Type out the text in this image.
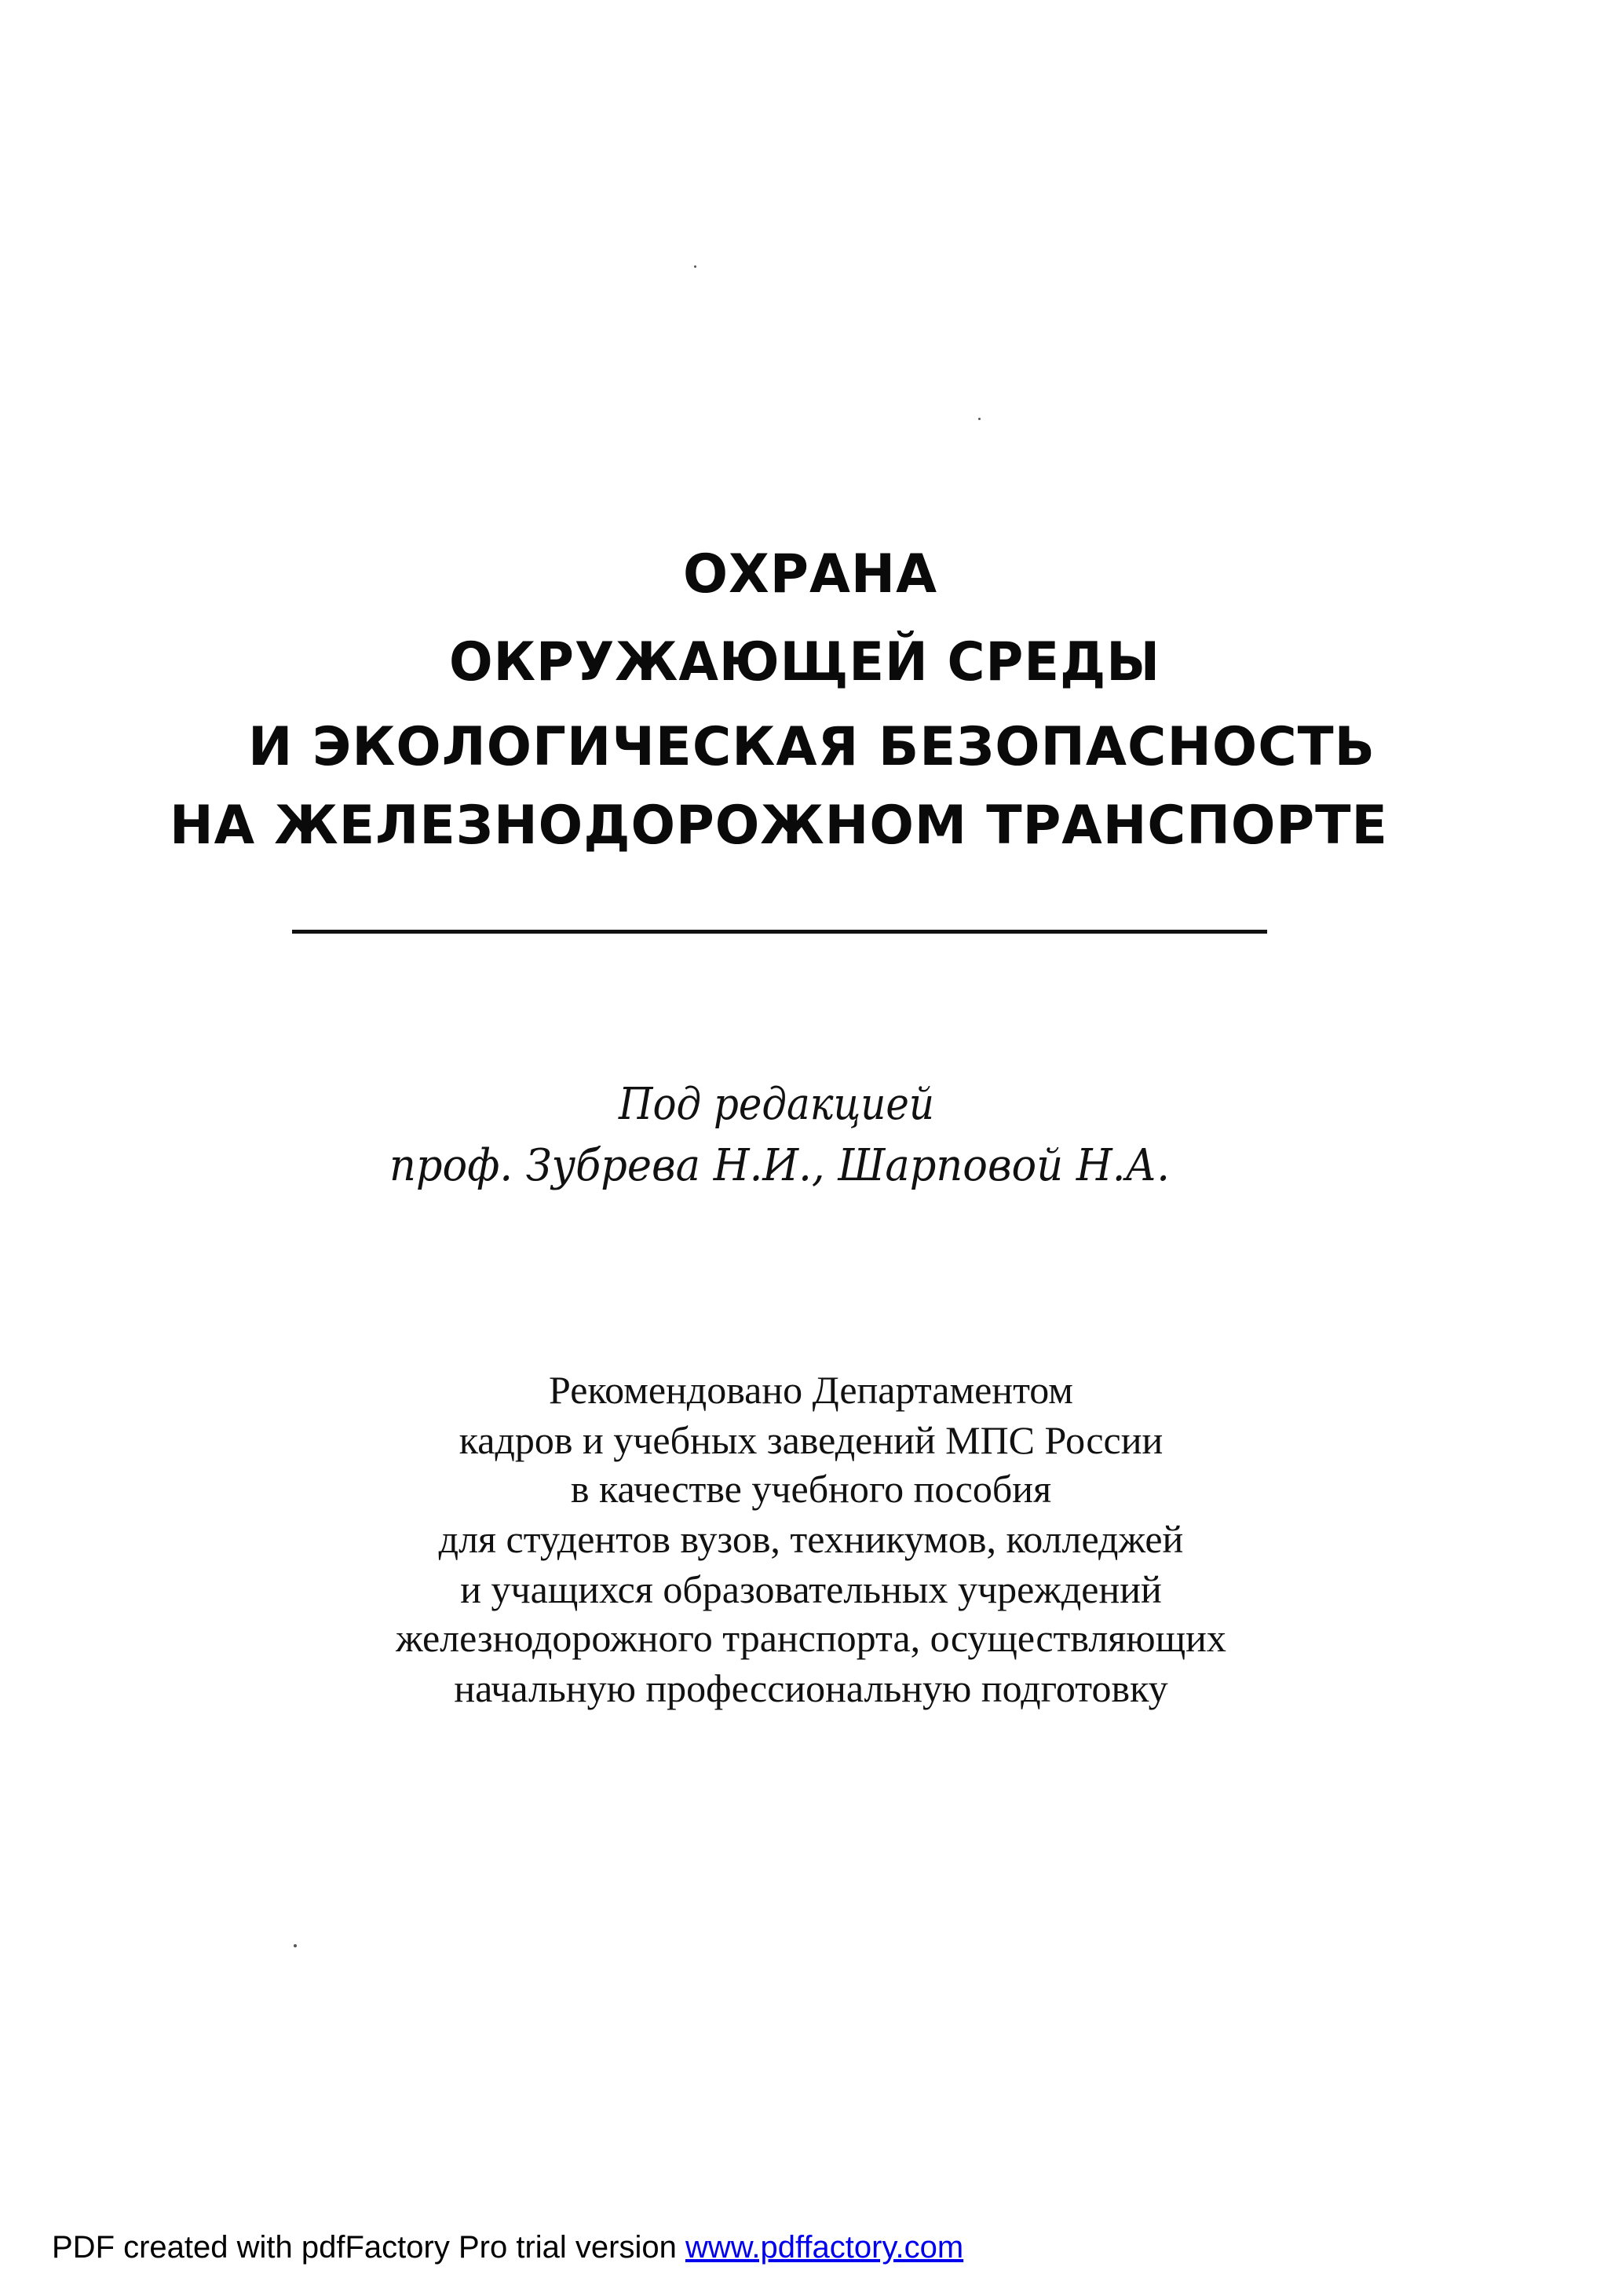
ОХРАНА
ОКРУЖАЮЩЕЙ СРЕДЫ
И ЭКОЛОГИЧЕСКАЯ БЕЗОПАСНОСТЬ
НА ЖЕЛЕЗНОДОРОЖНОМ ТРАНСПОРТЕ
Под редакцией
проф. Зубрева Н.И., Шарповой Н.А.
Рекомендовано Департаментом
кадров и учебных заведений МПС России
в качестве учебного пособия
для студентов вузов, техникумов, колледжей
и учащихся образовательных учреждений
железнодорожного транспорта, осуществляющих
начальную профессиональную подготовку
PDF created with pdfFactory Pro trial version www.pdffactory.com
